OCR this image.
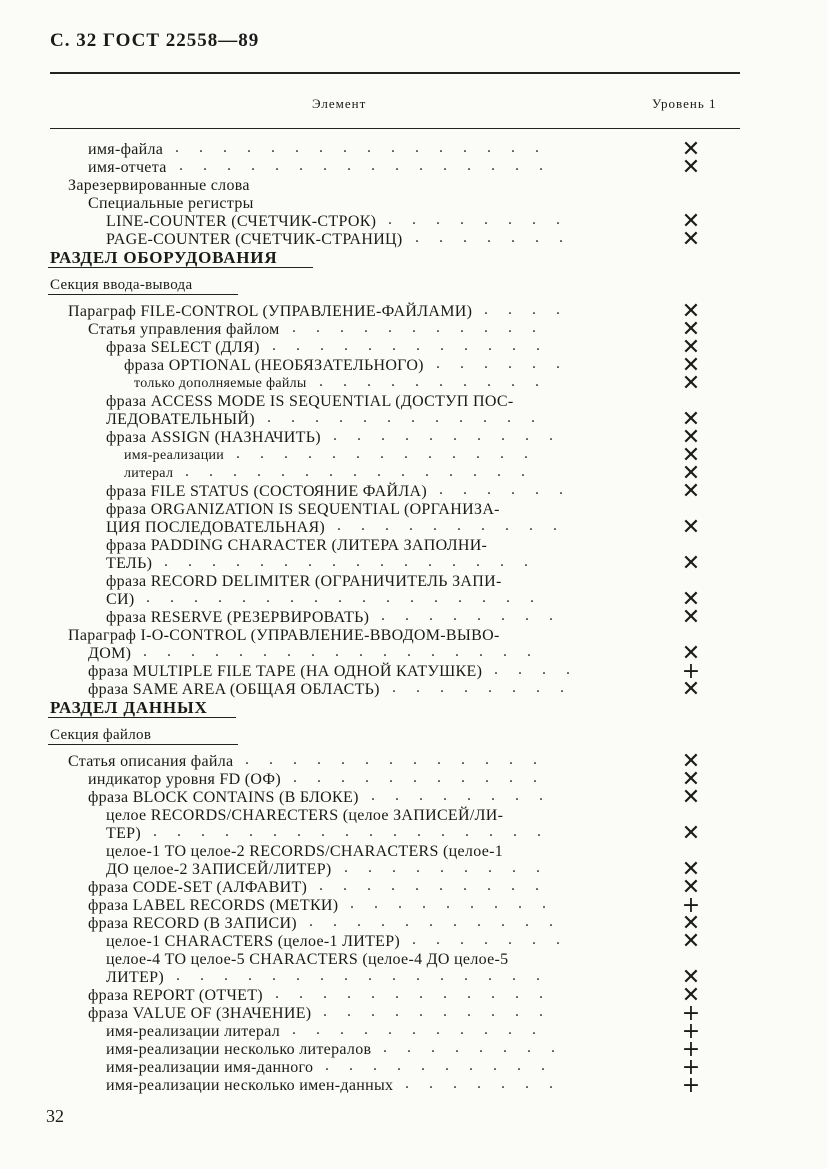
С. 32 ГОСТ 22558—89
Элемент	Уровень 1
имя-файла ................	✕
имя-отчета ................	✕
Зарезервированные слова
Специальные регистры
LINE-COUNTER (СЧЕТЧИК-СТРОК) ........	✕
PAGE-COUNTER (СЧЕТЧИК-СТРАНИЦ) .......	✕
РАЗДЕЛ ОБОРУДОВАНИЯ
Секция ввода-вывода
Параграф FILE-CONTROL (УПРАВЛЕНИЕ-ФАЙЛАМИ) ....	✕
Статья управления файлом ...........	✕
фраза SELECT (ДЛЯ) ............	✕
фраза OPTIONAL (НЕОБЯЗАТЕЛЬНОГО) ......	✕
только дополняемые файлы ..........	✕
фраза ACCESS MODE IS SEQUENTIAL (ДОСТУП ПОС-
ЛЕДОВАТЕЛЬНЫЙ) ............	✕
фраза ASSIGN (НАЗНАЧИТЬ) ..........	✕
имя-реализации .............	✕
литерал ...............	✕
фраза FILE STATUS (СОСТОЯНИЕ ФАЙЛА) ......	✕
фраза ORGANIZATION IS SEQUENTIAL (ОРГАНИЗА-
ЦИЯ ПОСЛЕДОВАТЕЛЬНАЯ) ..........	✕
фраза PADDING CHARACTER (ЛИТЕРА ЗАПОЛНИ-
ТЕЛЬ) ................	✕
фраза RECORD DELIMITER (ОГРАНИЧИТЕЛЬ ЗАПИ-
СИ) .................	✕
фраза RESERVE (РЕЗЕРВИРОВАТЬ) ........	✕
Параграф I-O-CONTROL (УПРАВЛЕНИЕ-ВВОДОМ-ВЫВО-
ДОМ) .................	✕
фраза MULTIPLE FILE TAPE (НА ОДНОЙ КАТУШКЕ) ....	+
фраза SAME AREA (ОБЩАЯ ОБЛАСТЬ) ........	✕
РАЗДЕЛ ДАННЫХ
Секция файлов
Статья описания файла .............	✕
индикатор уровня FD (ОФ) ...........	✕
фраза BLOCK CONTAINS (В БЛОКЕ) ........	✕
целое RECORDS/CHARECTERS (целое ЗАПИСЕЙ/ЛИ-
ТЕР) .................	✕
целое-1 TO целое-2 RECORDS/CHARACTERS (целое-1
ДО целое-2 ЗАПИСЕЙ/ЛИТЕР) .........	✕
фраза CODE-SET (АЛФАВИТ) ..........	✕
фраза LABEL RECORDS (МЕТКИ) .........	+
фраза RECORD (В ЗАПИСИ) ...........	✕
целое-1 CHARACTERS (целое-1 ЛИТЕР) .......	✕
целое-4 TO целое-5 CHARACTERS (целое-4 ДО целое-5
ЛИТЕР) ................	✕
фраза REPORT (ОТЧЕТ) ............	✕
фраза VALUE OF (ЗНАЧЕНИЕ) ..........	+
имя-реализации литерал ...........	+
имя-реализации несколько литералов ........	+
имя-реализации имя-данного ..........	+
имя-реализации несколько имен-данных .......	+
32
